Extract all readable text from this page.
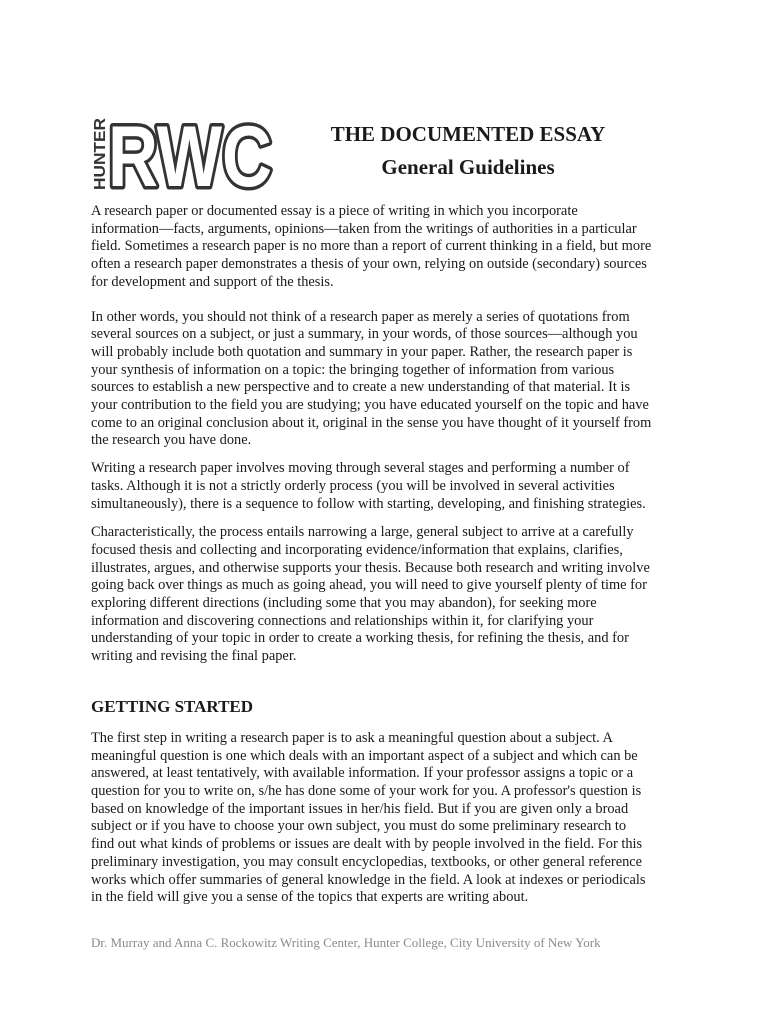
HUNTER RWC	THE DOCUMENTED ESSAY
General Guidelines

A research paper or documented essay is a piece of writing in which you incorporate

information—facts, arguments, opinions—taken from the writings of authorities in a particular

field. Sometimes a research paper is no more than a report of current thinking in a field, but more

often a research paper demonstrates a thesis of your own, relying on outside (secondary) sources

for development and support of the thesis.

In other words, you should not think of a research paper as merely a series of quotations from

several sources on a subject, or just a summary, in your words, of those sources—although you

will probably include both quotation and summary in your paper. Rather, the research paper is

your synthesis of information on a topic: the bringing together of information from various

sources to establish a new perspective and to create a new understanding of that material. It is

your contribution to the field you are studying; you have educated yourself on the topic and have

come to an original conclusion about it, original in the sense you have thought of it yourself from

the research you have done.

Writing a research paper involves moving through several stages and performing a number of

tasks. Although it is not a strictly orderly process (you will be involved in several activities

simultaneously), there is a sequence to follow with starting, developing, and finishing strategies.

Characteristically, the process entails narrowing a large, general subject to arrive at a carefully

focused thesis and collecting and incorporating evidence/information that explains, clarifies,

illustrates, argues, and otherwise supports your thesis. Because both research and writing involve

going back over things as much as going ahead, you will need to give yourself plenty of time for

exploring different directions (including some that you may abandon), for seeking more

information and discovering connections and relationships within it, for clarifying your

understanding of your topic in order to create a working thesis, for refining the thesis, and for

writing and revising the final paper.

GETTING STARTED

The first step in writing a research paper is to ask a meaningful question about a subject. A

meaningful question is one which deals with an important aspect of a subject and which can be

answered, at least tentatively, with available information. If your professor assigns a topic or a

question for you to write on, s/he has done some of your work for you. A professor's question is

based on knowledge of the important issues in her/his field. But if you are given only a broad

subject or if you have to choose your own subject, you must do some preliminary research to

find out what kinds of problems or issues are dealt with by people involved in the field. For this

preliminary investigation, you may consult encyclopedias, textbooks, or other general reference

works which offer summaries of general knowledge in the field. A look at indexes or periodicals

in the field will give you a sense of the topics that experts are writing about.

Dr. Murray and Anna C. Rockowitz Writing Center, Hunter College, City University of New York
